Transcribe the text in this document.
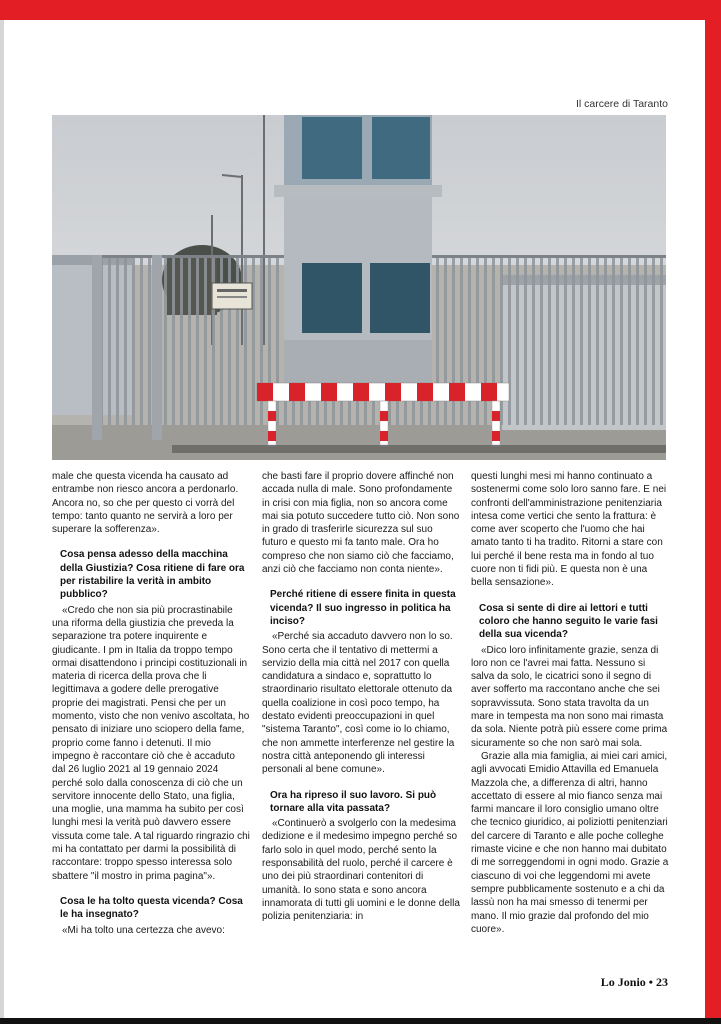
Il carcere di Taranto

male che questa vicenda ha causato ad entrambe non riesco ancora a perdonarlo. Ancora no, so che per questo ci vorrà del tempo: tanto quanto ne servirà a loro per superare la sofferenza».

Cosa pensa adesso della macchina della Giustizia? Cosa ritiene di fare ora per ristabilire la verità in ambito pubblico?

«Credo che non sia più procrastinabile una riforma della giustizia che preveda la separazione tra potere inquirente e giudicante. I pm in Italia da troppo tempo ormai disattendono i principi costituzionali in materia di ricerca della prova che li legittimava a godere delle prerogative proprie dei magistrati. Pensi che per un momento, visto che non venivo ascoltata, ho pensato di iniziare uno sciopero della fame, proprio come fanno i detenuti. Il mio impegno è raccontare ciò che è accaduto dal 26 luglio 2021 al 19 gennaio 2024 perché solo dalla conoscenza di ciò che un servitore innocente dello Stato, una figlia, una moglie, una mamma ha subito per così lunghi mesi la verità può davvero essere vissuta come tale. A tal riguardo ringrazio chi mi ha contattato per darmi la possibilità di raccontare: troppo spesso interessa solo sbattere "il mostro in prima pagina"».

Cosa le ha tolto questa vicenda? Cosa le ha insegnato?

«Mi ha tolto una certezza che avevo:

che basti fare il proprio dovere affinché non accada nulla di male. Sono profondamente in crisi con mia figlia, non so ancora come mai sia potuto succedere tutto ciò. Non sono in grado di trasferirle sicurezza sul suo futuro e questo mi fa tanto male. Ora ho compreso che non siamo ciò che facciamo, anzi ciò che facciamo non conta niente».

Perché ritiene di essere finita in questa vicenda? Il suo ingresso in politica ha inciso?

«Perché sia accaduto davvero non lo so. Sono certa che il tentativo di mettermi a servizio della mia città nel 2017 con quella candidatura a sindaco e, soprattutto lo straordinario risultato elettorale ottenuto da quella coalizione in così poco tempo, ha destato evidenti preoccupazioni in quel "sistema Taranto", così come io lo chiamo, che non ammette interferenze nel gestire la nostra città anteponendo gli interessi personali al bene comune».

Ora ha ripreso il suo lavoro. Si può tornare alla vita passata?

«Continuerò a svolgerlo con la medesima dedizione e il medesimo impegno perché so farlo solo in quel modo, perché sento la responsabilità del ruolo, perché il carcere è uno dei più straordinari contenitori di umanità. Io sono stata e sono ancora innamorata di tutti gli uomini e le donne della polizia penitenziaria: in

questi lunghi mesi mi hanno continuato a sostenermi come solo loro sanno fare. E nei confronti dell'amministrazione penitenziaria intesa come vertici che sento la frattura: è come aver scoperto che l'uomo che hai amato tanto ti ha tradito. Ritorni a stare con lui perché il bene resta ma in fondo al tuo cuore non ti fidi più. E questa non è una bella sensazione».

Cosa si sente di dire ai lettori e tutti coloro che hanno seguito le varie fasi della sua vicenda?

«Dico loro infinitamente grazie, senza di loro non ce l'avrei mai fatta. Nessuno si salva da solo, le cicatrici sono il segno di aver sofferto ma raccontano anche che sei sopravvissuta. Sono stata travolta da un mare in tempesta ma non sono mai rimasta da sola. Niente potrà più essere come prima sicuramente so che non sarò mai sola.

Grazie alla mia famiglia, ai miei cari amici, agli avvocati Emidio Attavilla ed Emanuela Mazzola che, a differenza di altri, hanno accettato di essere al mio fianco senza mai farmi mancare il loro consiglio umano oltre che tecnico giuridico, ai poliziotti penitenziari del carcere di Taranto e alle poche colleghe rimaste vicine e che non hanno mai dubitato di me sorreggendomi in ogni modo. Grazie a ciascuno di voi che leggendomi mi avete sempre pubblicamente sostenuto e a chi da lassù non ha mai smesso di tenermi per mano. Il mio grazie dal profondo del mio cuore».

Lo Jonio • 23
